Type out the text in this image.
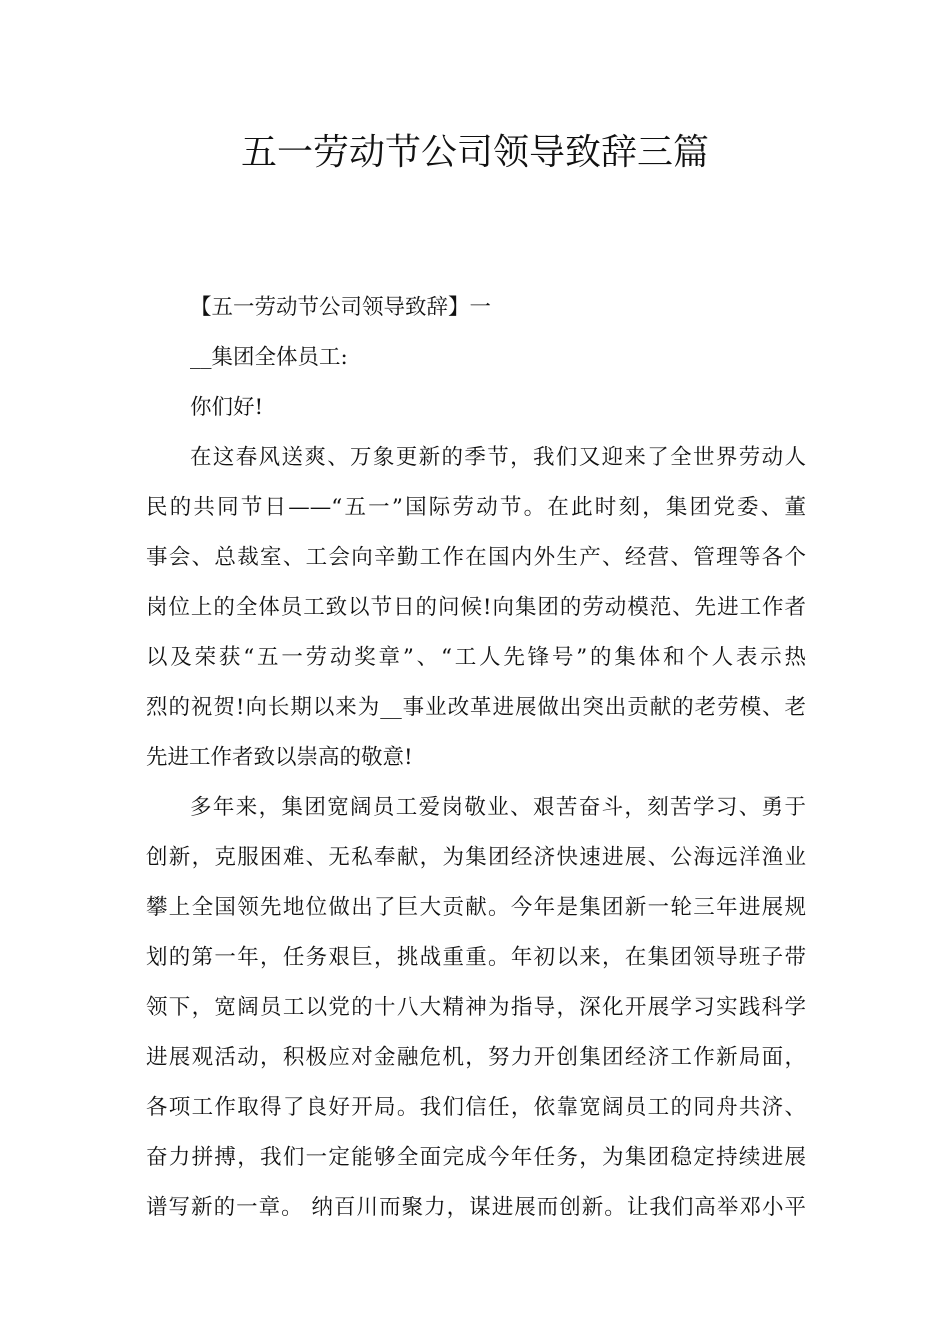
五一劳动节公司领导致辞三篇
【五一劳动节公司领导致辞】一
__集团全体员工:
你们好!
在这春风送爽、万象更新的季节，我们又迎来了全世界劳动人
民的共同节日——“五一”国际劳动节。在此时刻，集团党委、董
事会、总裁室、工会向辛勤工作在国内外生产、经营、管理等各个
岗位上的全体员工致以节日的问候!向集团的劳动模范、先进工作者
以及荣获“五一劳动奖章”、“工人先锋号”的集体和个人表示热
烈的祝贺!向长期以来为__事业改革进展做出突出贡献的老劳模、老
先进工作者致以崇高的敬意!
多年来，集团宽阔员工爱岗敬业、艰苦奋斗，刻苦学习、勇于
创新，克服困难、无私奉献，为集团经济快速进展、公海远洋渔业
攀上全国领先地位做出了巨大贡献。今年是集团新一轮三年进展规
划的第一年，任务艰巨，挑战重重。年初以来，在集团领导班子带
领下，宽阔员工以党的十八大精神为指导，深化开展学习实践科学
进展观活动，积极应对金融危机，努力开创集团经济工作新局面，
各项工作取得了良好开局。我们信任，依靠宽阔员工的同舟共济、
奋力拼搏，我们一定能够全面完成今年任务，为集团稳定持续进展
谱写新的一章。 纳百川而聚力，谋进展而创新。让我们高举邓小平
